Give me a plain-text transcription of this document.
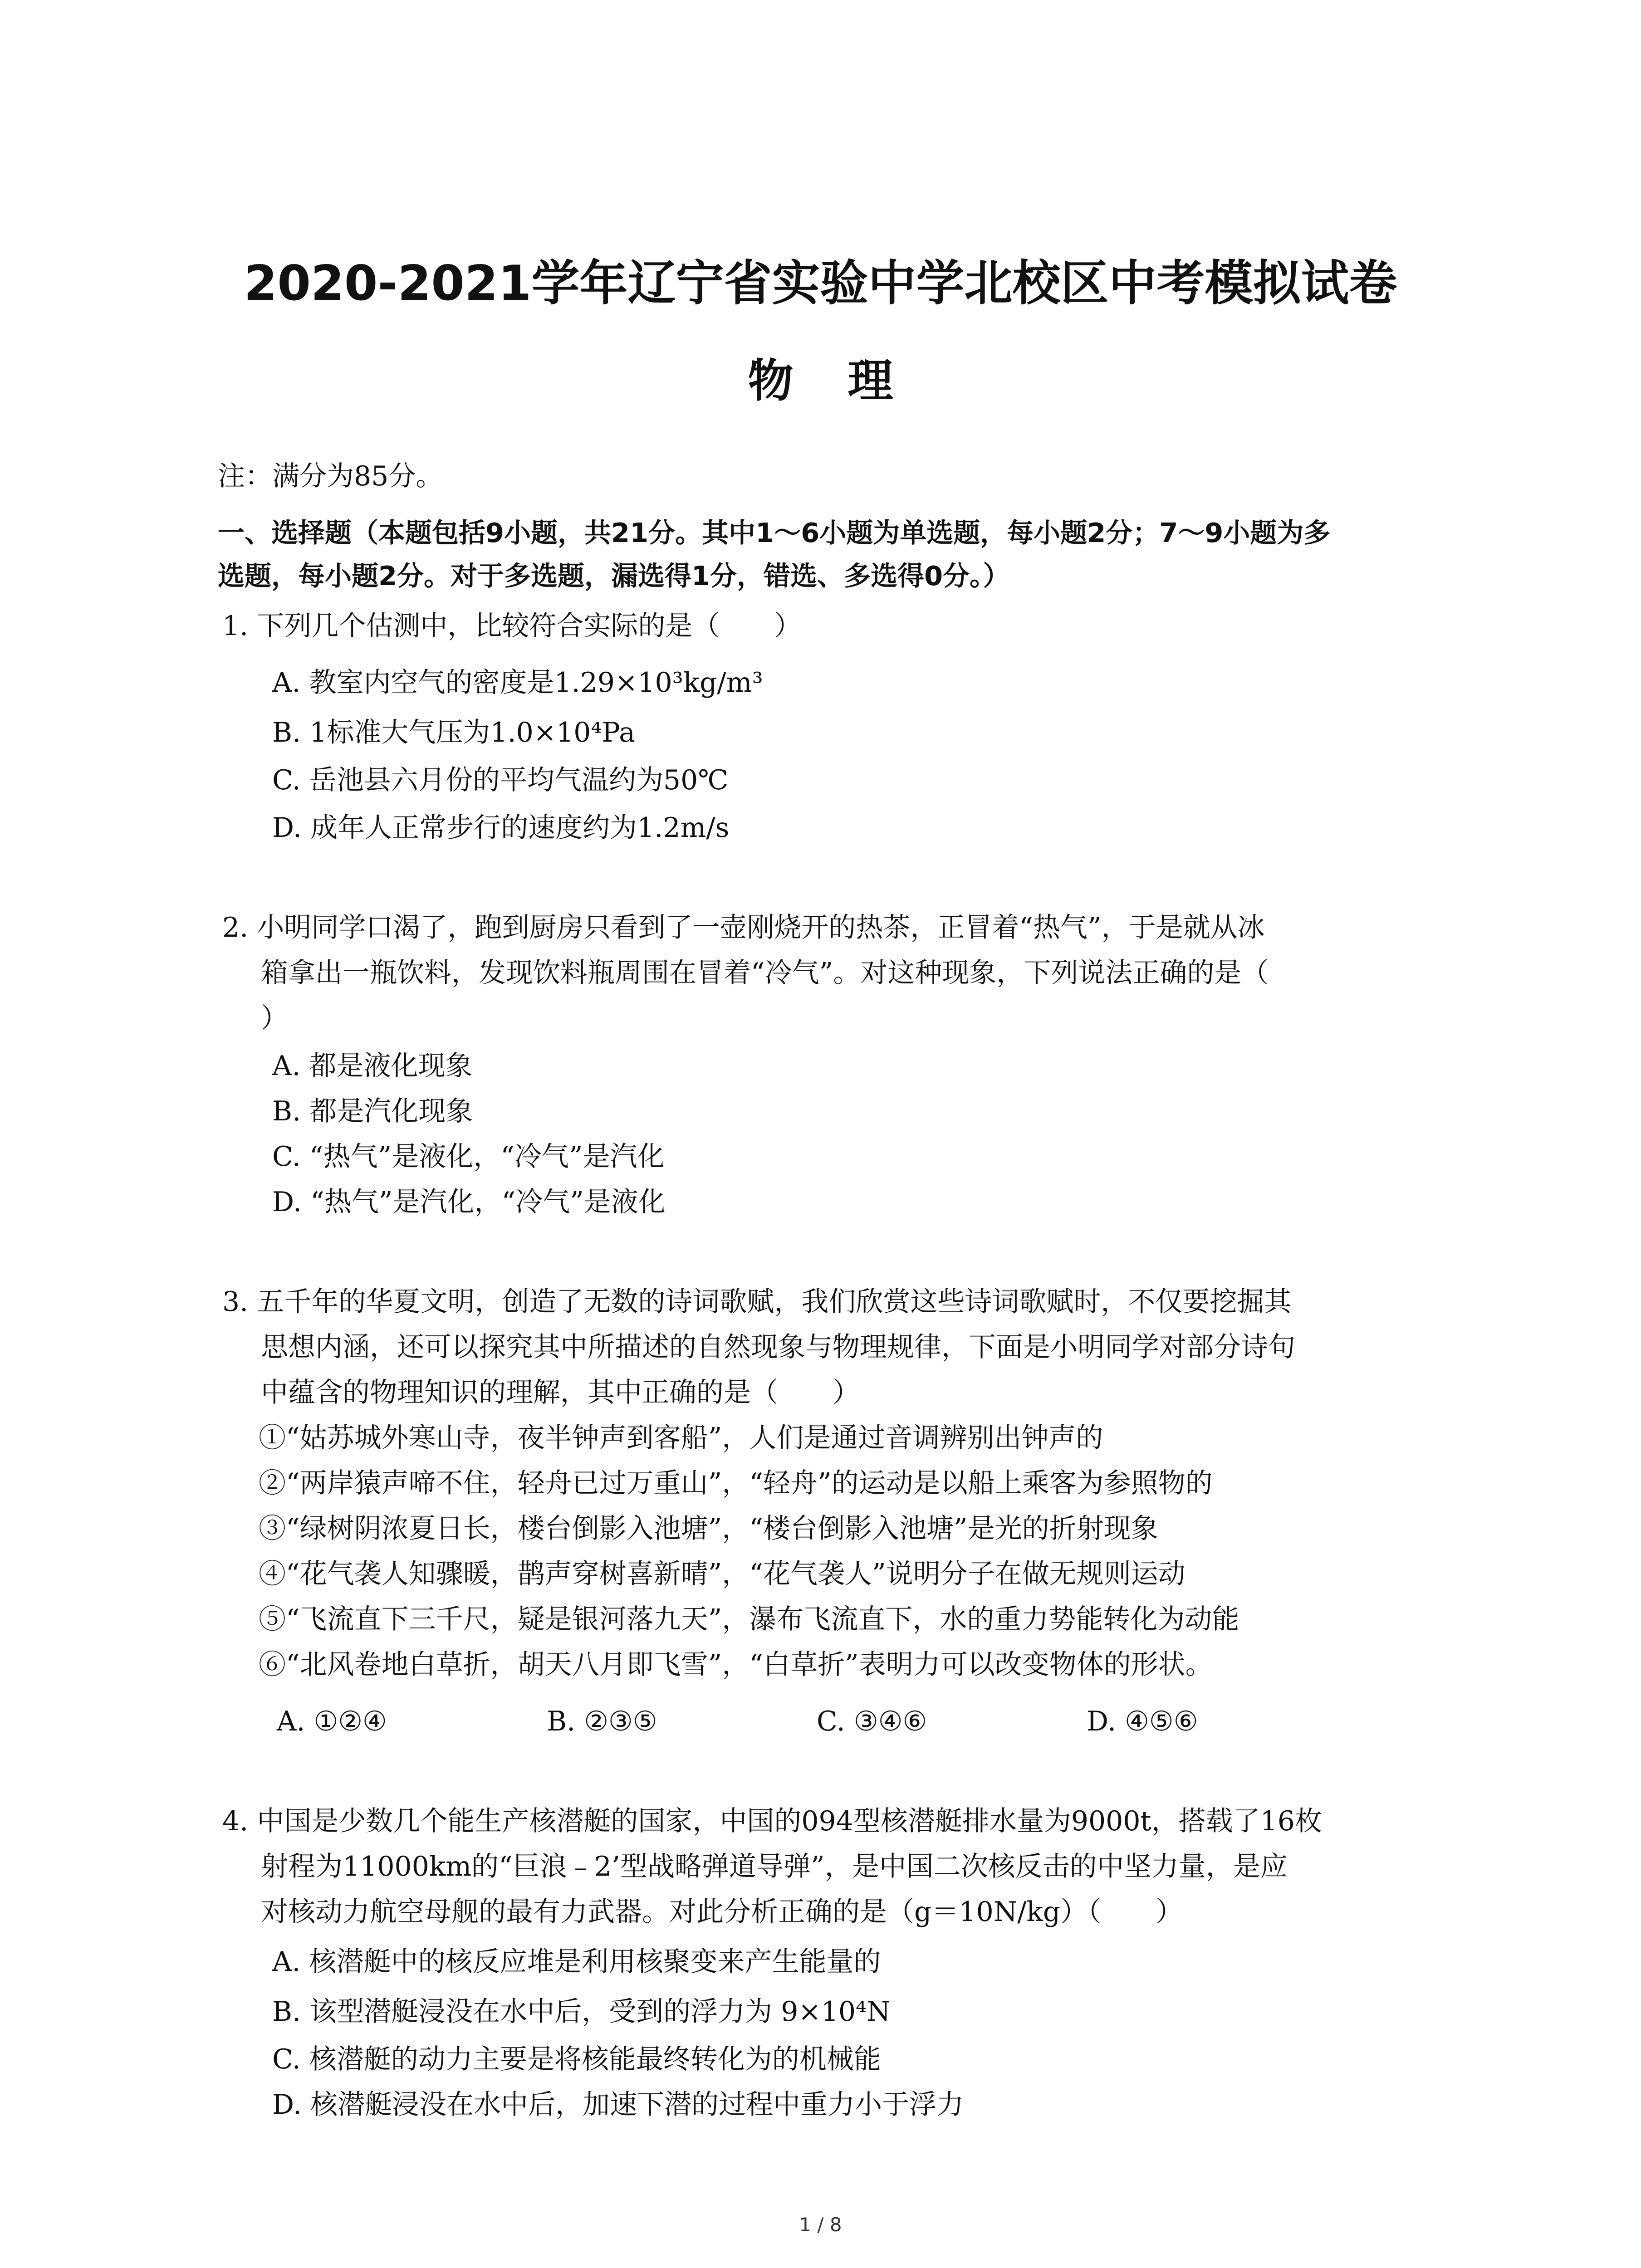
2020-2021学年辽宁省实验中学北校区中考模拟试卷
物理
注：满分为85分。
一、选择题（本题包括9小题，共21分。其中1～6小题为单选题，每小题2分；7～9小题为多
选题，每小题2分。对于多选题，漏选得1分，错选、多选得0分。）
1. 下列几个估测中，比较符合实际的是（　　）
A. 教室内空气的密度是1.29×10³kg/m³
B. 1标准大气压为1.0×10⁴Pa
C. 岳池县六月份的平均气温约为50℃
D. 成年人正常步行的速度约为1.2m/s
2. 小明同学口渴了，跑到厨房只看到了一壶刚烧开的热茶，正冒着“热气”，于是就从冰
箱拿出一瓶饮料，发现饮料瓶周围在冒着“冷气”。对这种现象，下列说法正确的是（
）
A. 都是液化现象
B. 都是汽化现象
C. “热气”是液化，“冷气”是汽化
D. “热气”是汽化，“冷气”是液化
3. 五千年的华夏文明，创造了无数的诗词歌赋，我们欣赏这些诗词歌赋时，不仅要挖掘其
思想内涵，还可以探究其中所描述的自然现象与物理规律，下面是小明同学对部分诗句
中蕴含的物理知识的理解，其中正确的是（　　）
①“姑苏城外寒山寺，夜半钟声到客船”，人们是通过音调辨别出钟声的
②“两岸猿声啼不住，轻舟已过万重山”，“轻舟”的运动是以船上乘客为参照物的
③“绿树阴浓夏日长，楼台倒影入池塘”，“楼台倒影入池塘”是光的折射现象
④“花气袭人知骤暖，鹊声穿树喜新晴”，“花气袭人”说明分子在做无规则运动
⑤“飞流直下三千尺，疑是银河落九天”，瀑布飞流直下，水的重力势能转化为动能
⑥“北风卷地白草折，胡天八月即飞雪”，“白草折”表明力可以改变物体的形状。
A. ①②④	B. ②③⑤	C. ③④⑥	D. ④⑤⑥
4. 中国是少数几个能生产核潜艇的国家，中国的094型核潜艇排水量为9000t，搭载了16枚
射程为11000km的“巨浪﹣2’型战略弹道导弹”，是中国二次核反击的中坚力量，是应
对核动力航空母舰的最有力武器。对此分析正确的是（g＝10N/kg）（　　）
A. 核潜艇中的核反应堆是利用核聚变来产生能量的
B. 该型潜艇浸没在水中后，受到的浮力为 9×10⁴N
C. 核潜艇的动力主要是将核能最终转化为的机械能
D. 核潜艇浸没在水中后，加速下潜的过程中重力小于浮力
1 / 8
